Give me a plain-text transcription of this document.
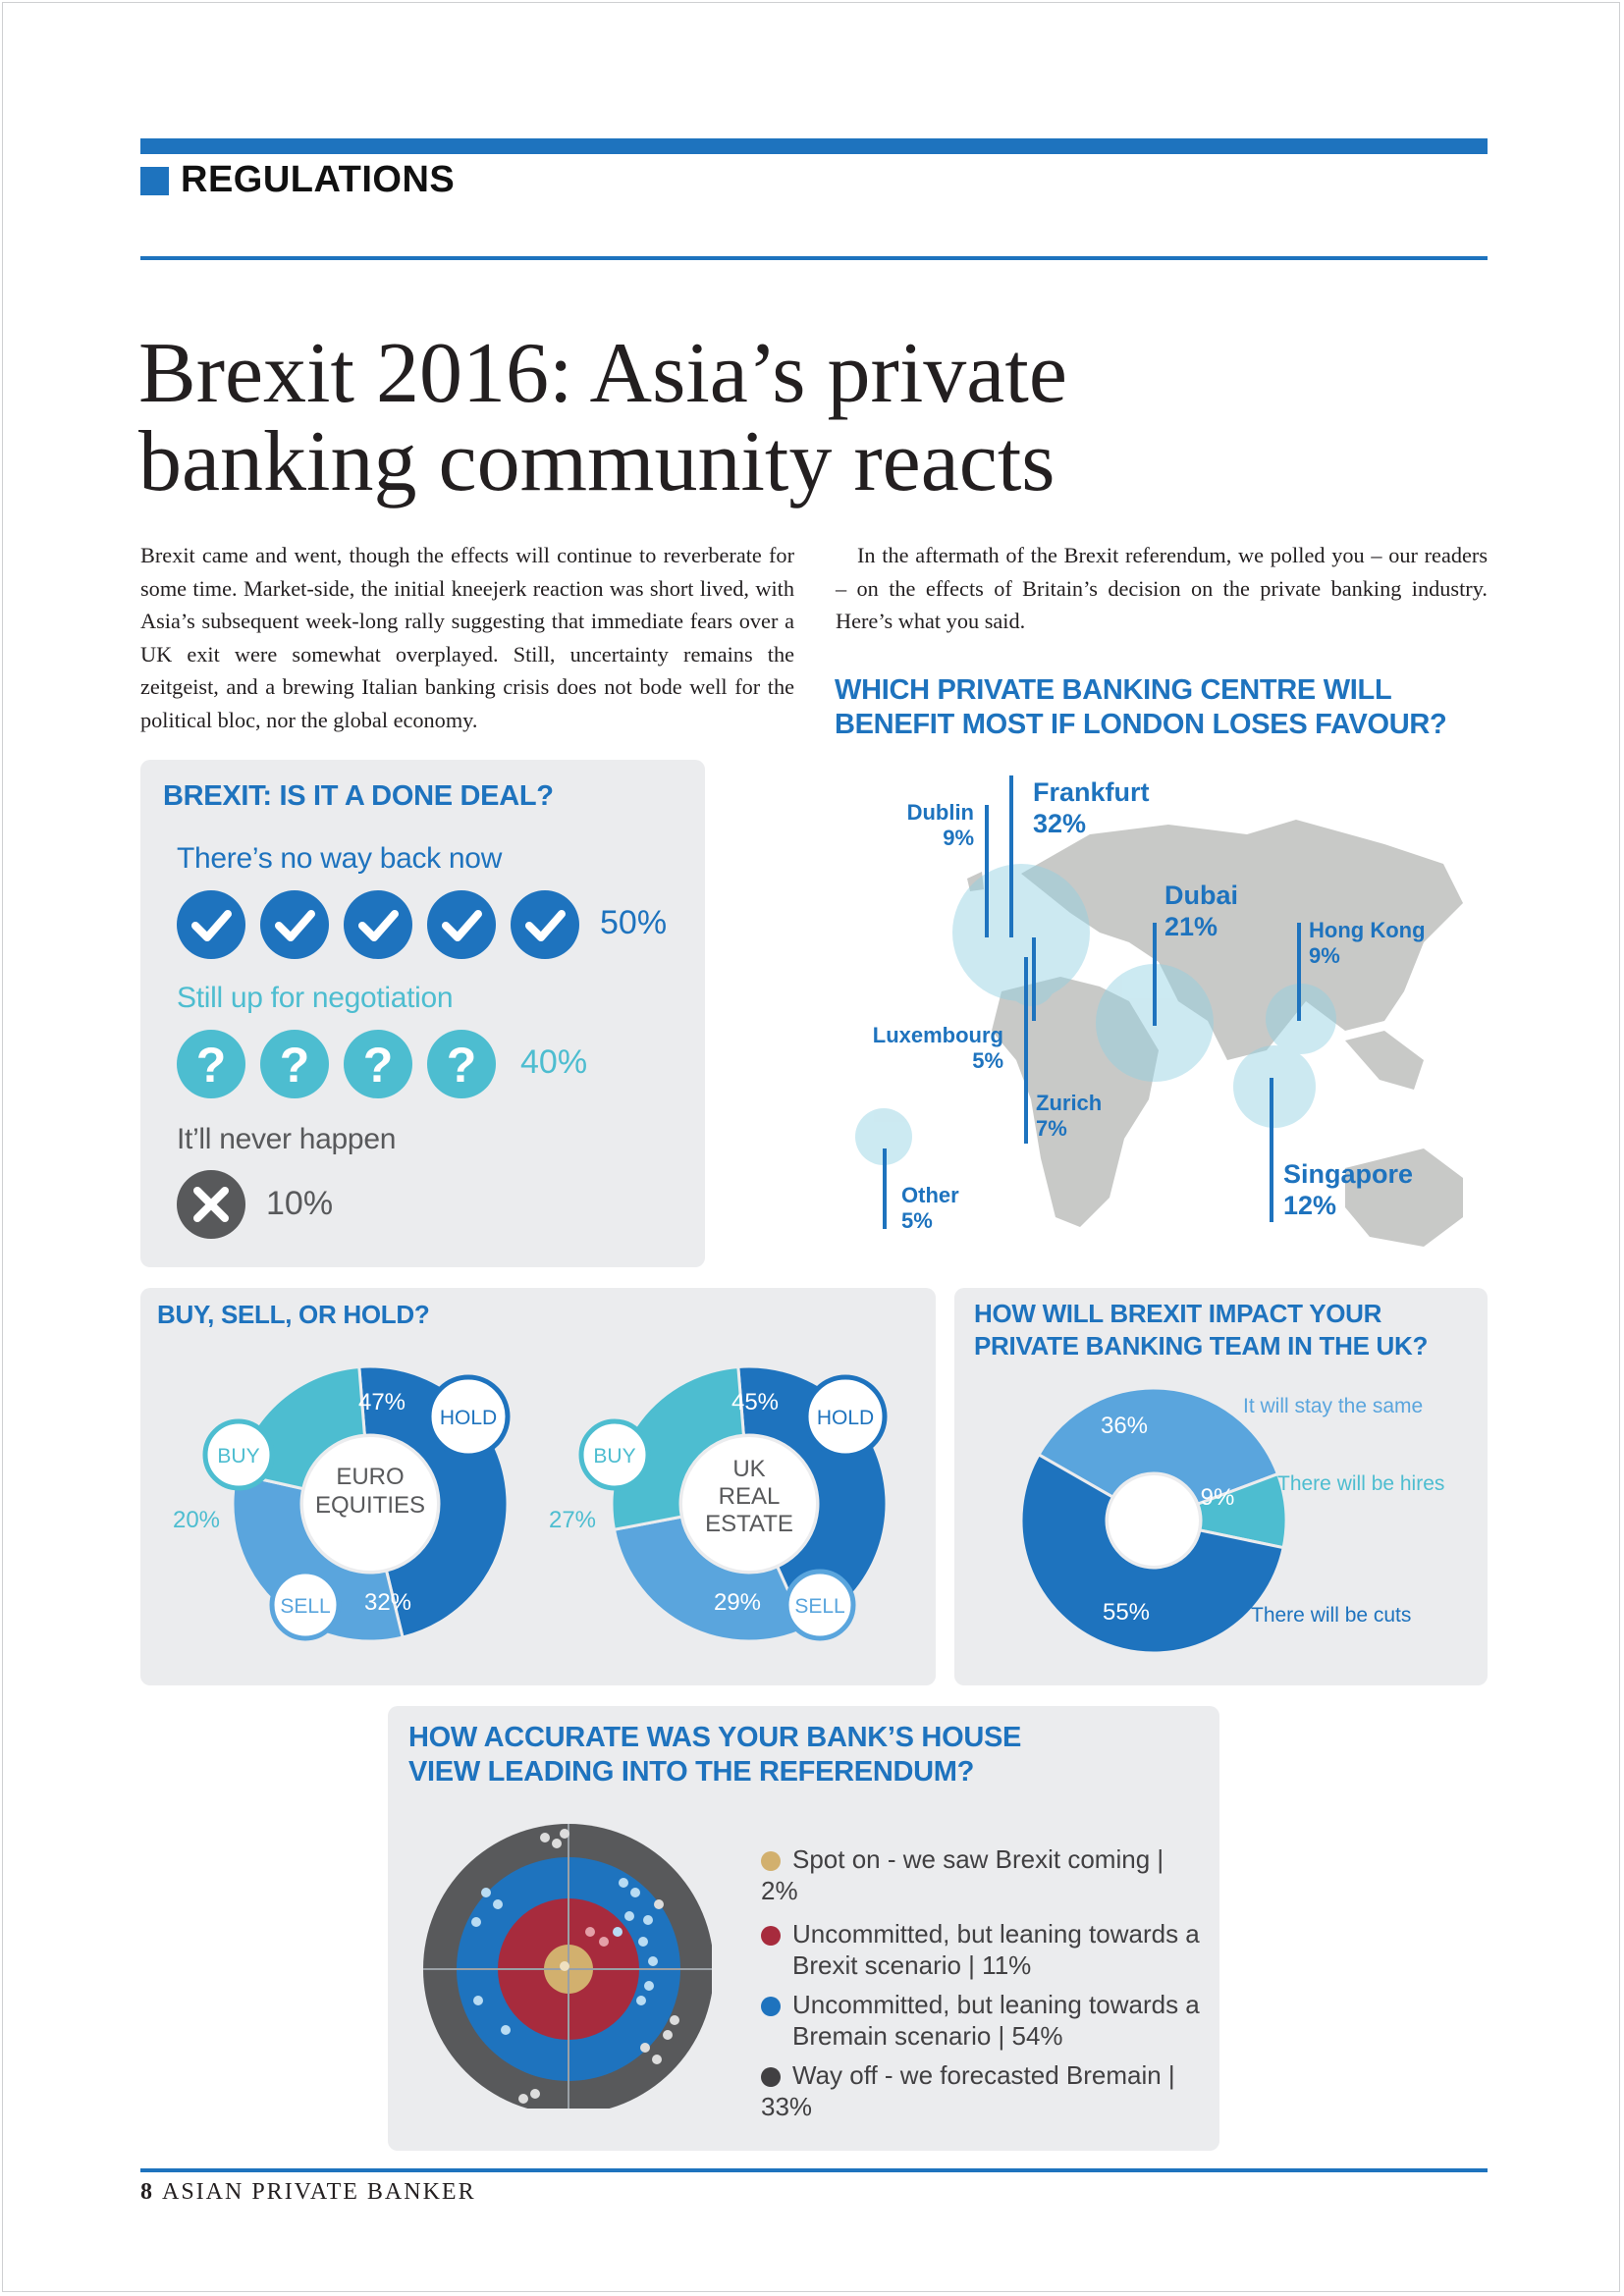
REGULATIONS
Brexit 2016: Asia’s private
banking community reacts
Brexit came and went, though the effects will continue to reverberate for some time. Market-side, the initial kneejerk reaction was short lived, with Asia’s subsequent week-long rally suggesting that immediate fears over a UK exit were somewhat overplayed. Still, uncertainty remains the zeitgeist, and a brewing Italian banking crisis does not bode well for the political bloc, nor the global economy.
In the aftermath of the Brexit referendum, we polled you – our readers – on the effects of Britain’s decision on the private banking industry. Here’s what you said.
BREXIT: IS IT A DONE DEAL?
There’s no way back now
50%
Still up for negotiation
? ? ? ? 40%
It’ll never happen
10%
WHICH PRIVATE BANKING CENTRE WILL
BENEFIT MOST IF LONDON LOSES FAVOUR?
Dublin
9%
Frankfurt
32%
Dubai
21%	Hong Kong
9%
Luxembourg
5%
Zurich
7%
Singapore
12%
Other
5%
BUY, SELL, OR HOLD?
20%	27%
BUY	BUY
SELL	SELL
HOLD	HOLD
47%
32%
45%
29%
EURO
EQUITIES
UK
REAL
ESTATE
HOW WILL BREXIT IMPACT YOUR
PRIVATE BANKING TEAM IN THE UK?
36%
9%
55%
It will stay the same
There will be hires
There will be cuts
HOW ACCURATE WAS YOUR BANK’S HOUSE
VIEW LEADING INTO THE REFERENDUM?
Spot on - we saw Brexit coming | 2%
Uncommitted, but leaning towards a
Brexit scenario | 11%
Uncommitted, but leaning towards a
Bremain scenario | 54%
Way off - we forecasted Bremain | 33%
8 ASIAN PRIVATE BANKER
